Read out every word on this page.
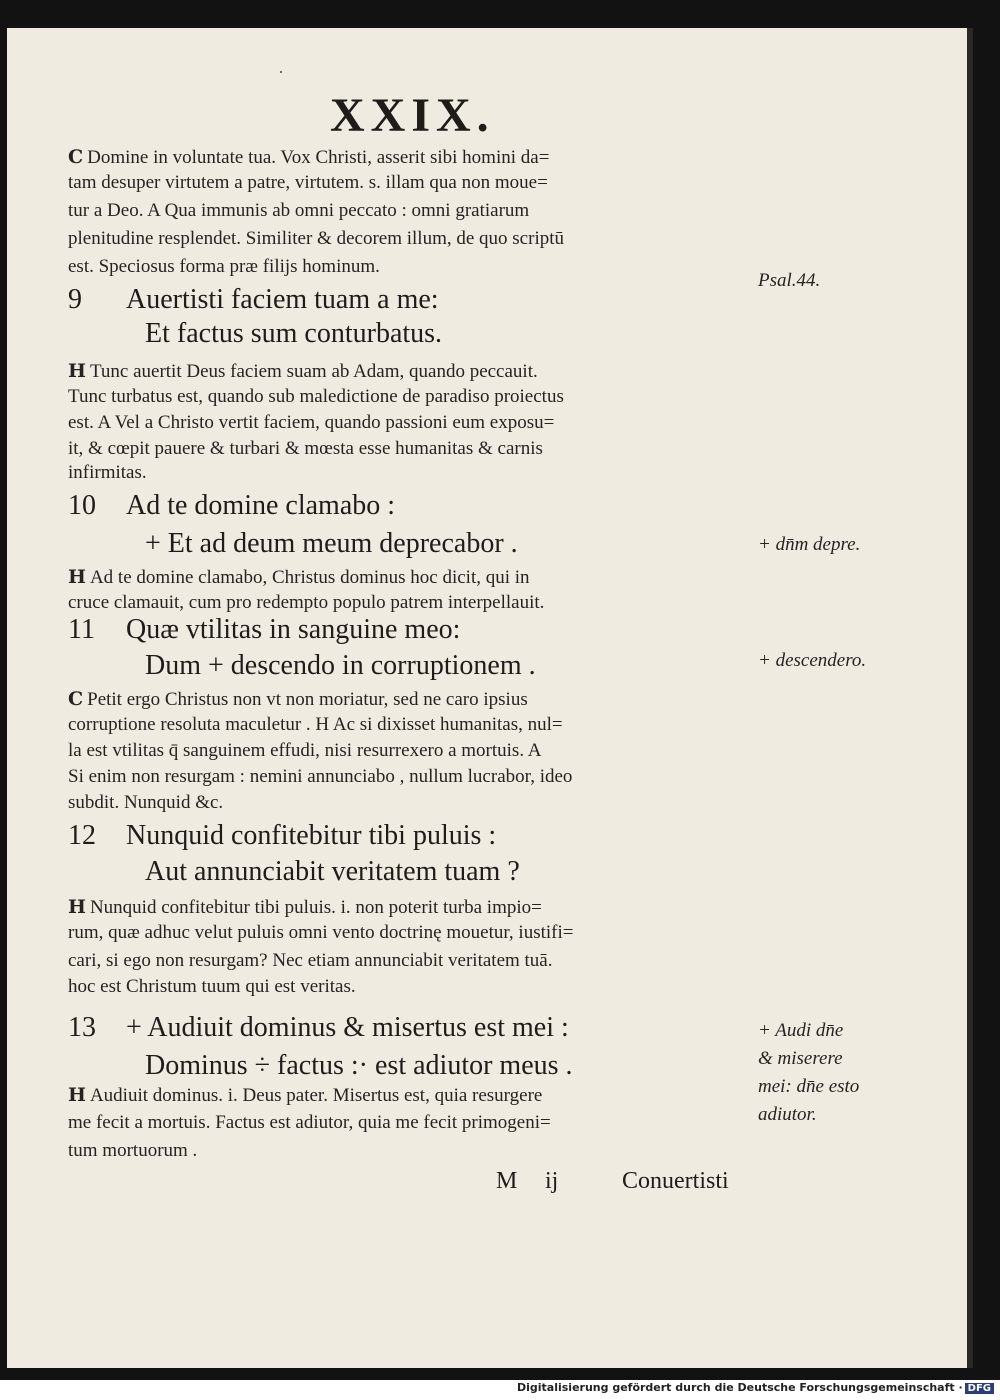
·
XXIX.
C Domine in voluntate tua. Vox Christi, asserit sibi homini da=
tam desuper virtutem a patre, virtutem. s. illam qua non moue=
tur a Deo. A Qua immunis ab omni peccato : omni gratiarum
plenitudine resplendet. Similiter & decorem illum, de quo scriptū
est. Speciosus forma præ filijs hominum.
Psal.44.
9 Auertisti faciem tuam a me:
Et factus sum conturbatus.
H Tunc auertit Deus faciem suam ab Adam, quando peccauit.
Tunc turbatus est, quando sub maledictione de paradiso proiectus
est. A Vel a Christo vertit faciem, quando passioni eum exposu=
it, & cœpit pauere & turbari & mœsta esse humanitas & carnis
infirmitas.
10 Ad te domine clamabo :
+ Et ad deum meum deprecabor .	+ dn̄m depre.
H Ad te domine clamabo, Christus dominus hoc dicit, qui in
cruce clamauit, cum pro redempto populo patrem interpellauit.
11 Quæ vtilitas in sanguine meo:
Dum + descendo in corruptionem .	+ descendero.
C Petit ergo Christus non vt non moriatur, sed ne caro ipsius
corruptione resoluta maculetur . H Ac si dixisset humanitas, nul=
la est vtilitas q̄ sanguinem effudi, nisi resurrexero a mortuis. A
Si enim non resurgam : nemini annunciabo , nullum lucrabor, ideo
subdit. Nunquid &c.
12 Nunquid confitebitur tibi puluis :
Aut annunciabit veritatem tuam ?
H Nunquid confitebitur tibi puluis. i. non poterit turba impio=
rum, quæ adhuc velut puluis omni vento doctrinę mouetur, iustifi=
cari, si ego non resurgam? Nec etiam annunciabit veritatem tuā.
hoc est Christum tuum qui est veritas.
13 + Audiuit dominus & misertus est mei :
Dominus ÷ factus :· est adiutor meus .
+ Audi dn̄e
& miserere
mei: dn̄e esto
adiutor.
H Audiuit dominus. i. Deus pater. Misertus est, quia resurgere
me fecit a mortuis. Factus est adiutor, quia me fecit primogeni=
tum mortuorum .
M ij	Conuertisti
Digitalisierung gefördert durch die Deutsche Forschungsgemeinschaft · DFG
